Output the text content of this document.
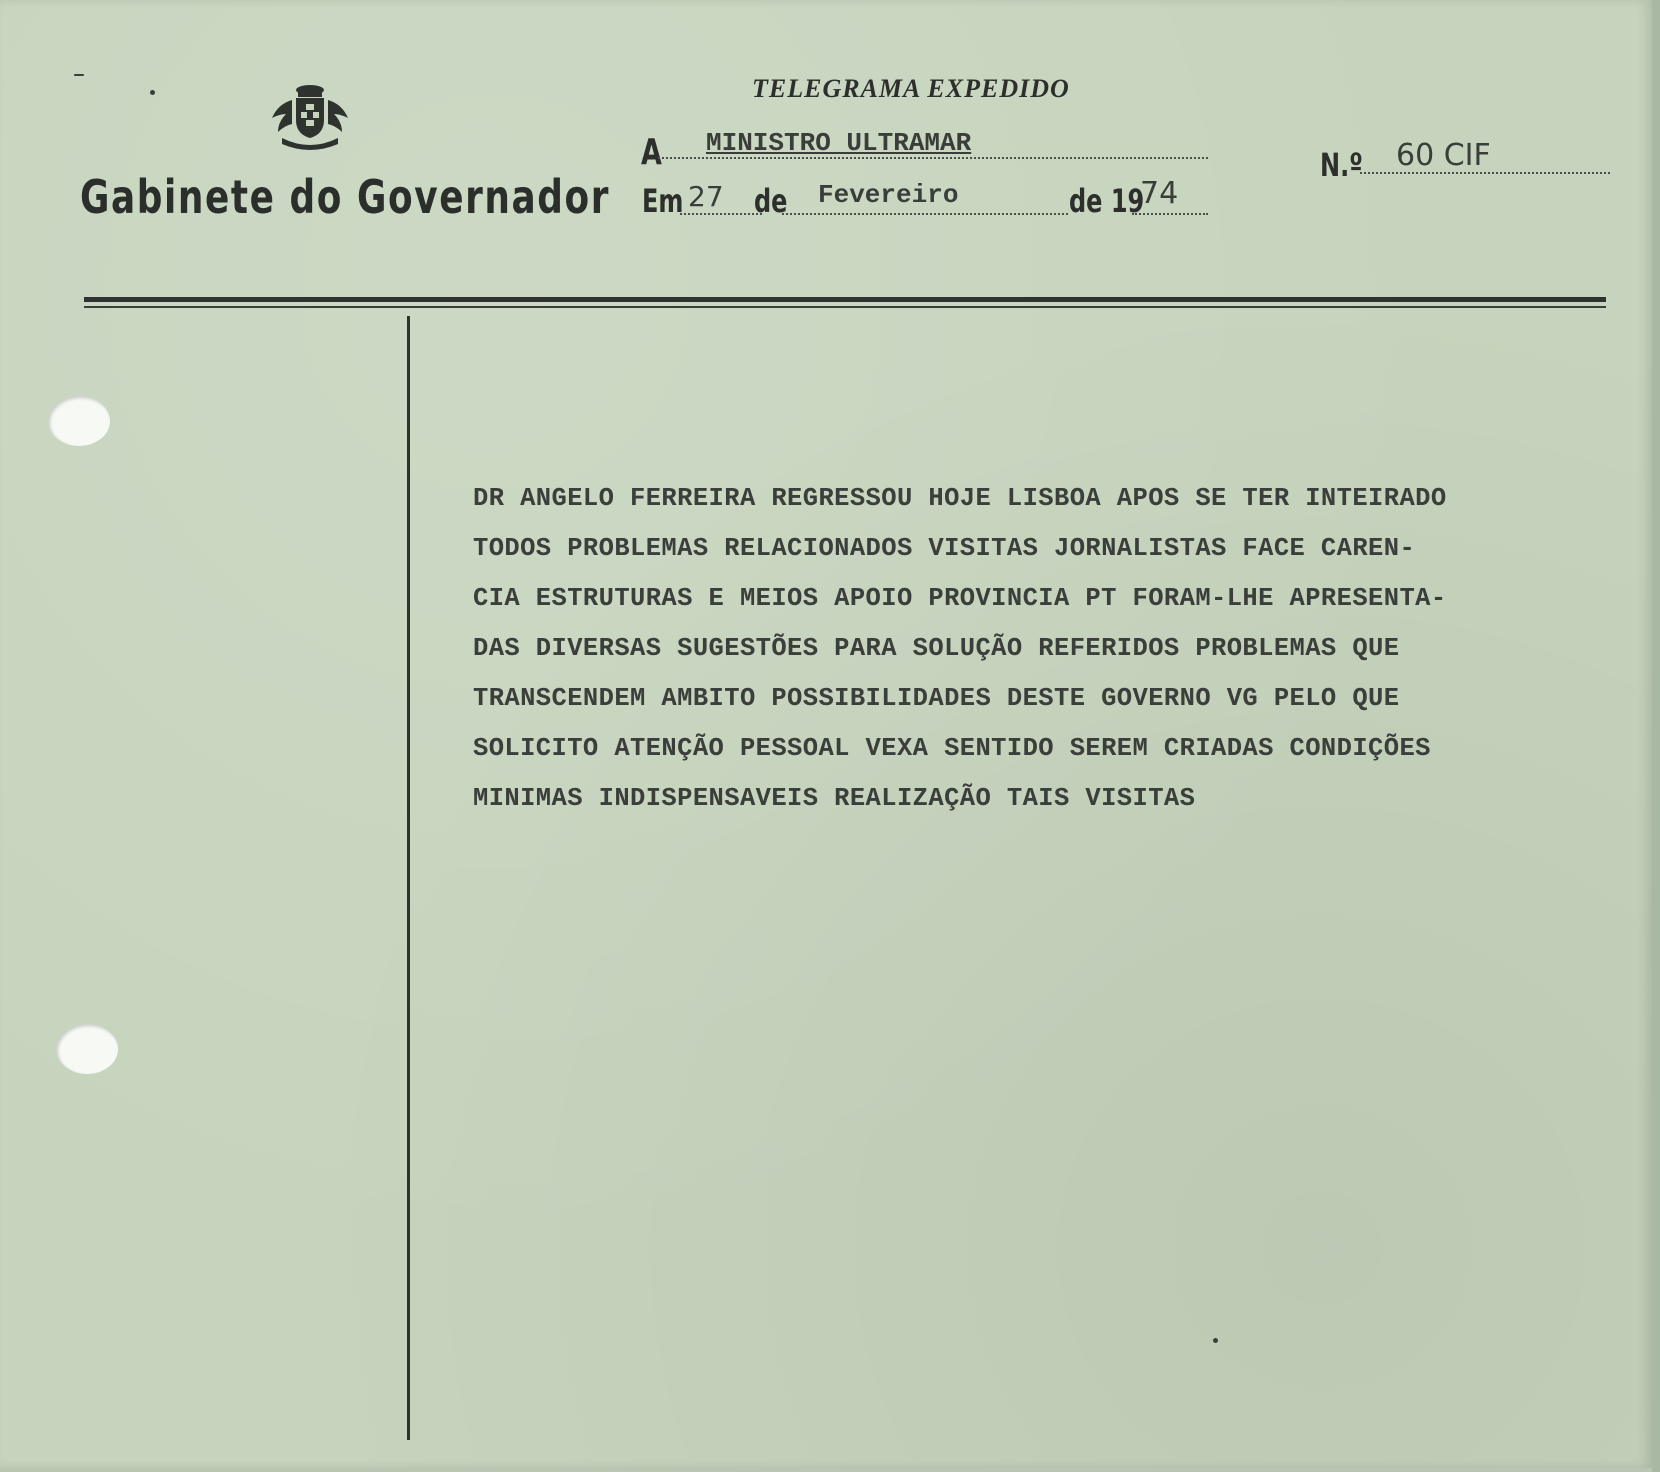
Gabinete do Governador
TELEGRAMA EXPEDIDO
A MINISTRO ULTRAMAR
N.º 60 CIF
Em 27 de Fevereiro	de 19
74
DR ANGELO FERREIRA REGRESSOU HOJE LISBOA APOS SE TER INTEIRADO
TODOS PROBLEMAS RELACIONADOS VISITAS JORNALISTAS FACE CAREN-
CIA ESTRUTURAS E MEIOS APOIO PROVINCIA PT FORAM-LHE APRESENTA-
DAS DIVERSAS SUGESTÕES PARA SOLUÇÃO REFERIDOS PROBLEMAS QUE
TRANSCENDEM AMBITO POSSIBILIDADES DESTE GOVERNO VG PELO QUE
SOLICITO ATENÇÃO PESSOAL VEXA SENTIDO SEREM CRIADAS CONDIÇÕES
MINIMAS INDISPENSAVEIS REALIZAÇÃO TAIS VISITAS
